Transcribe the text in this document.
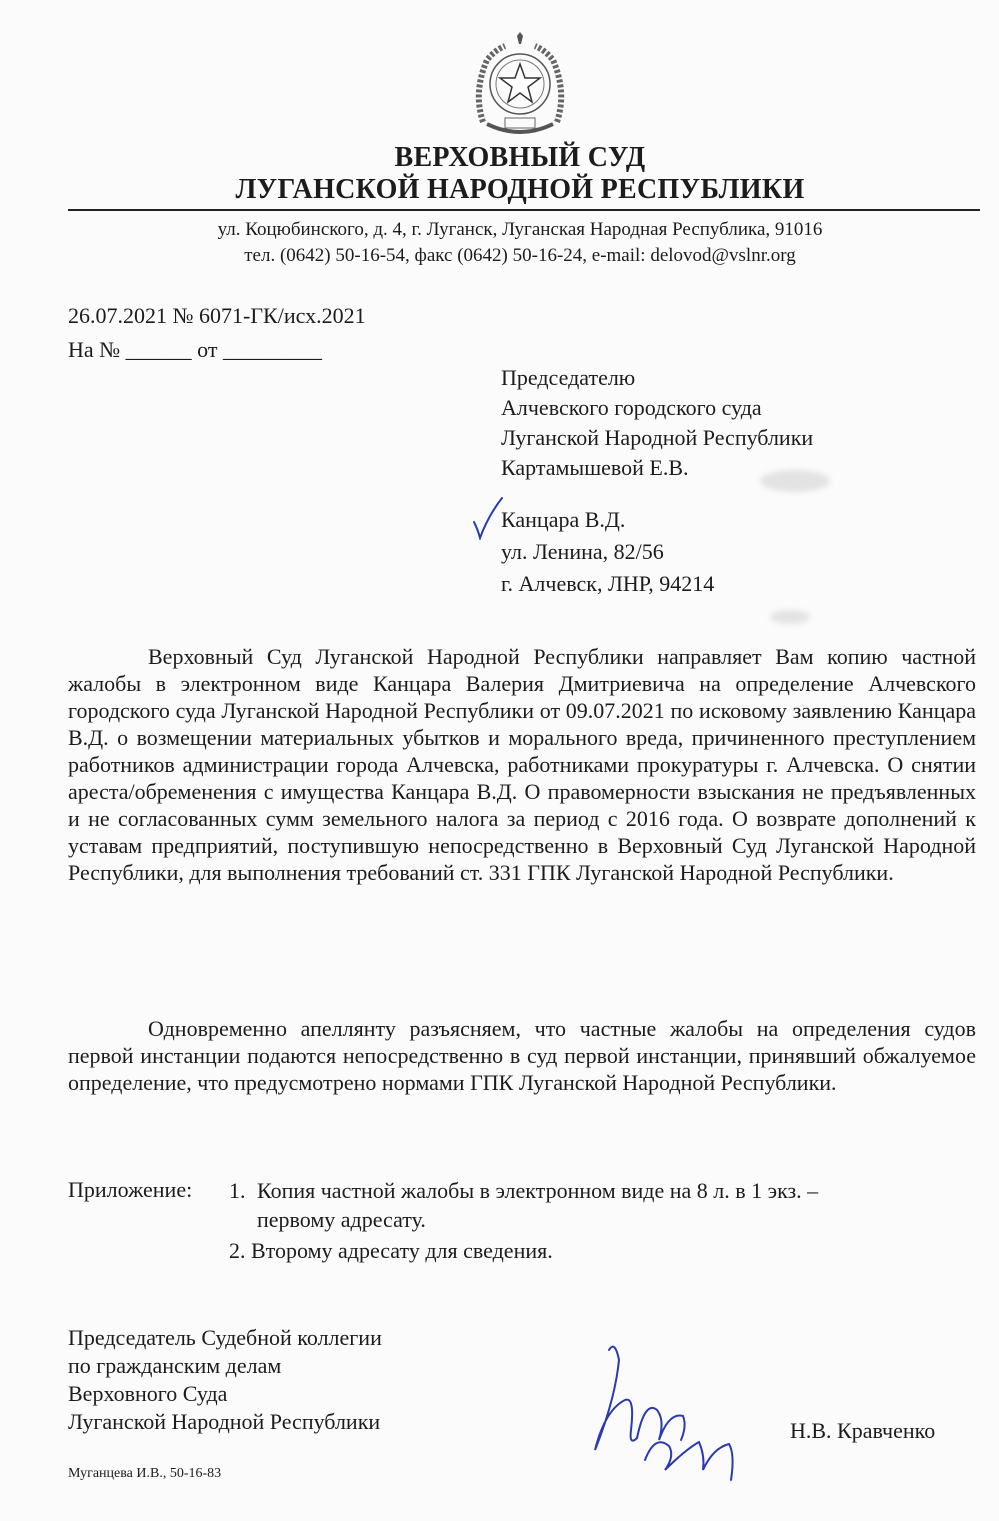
ВЕРХОВНЫЙ СУД
ЛУГАНСКОЙ НАРОДНОЙ РЕСПУБЛИКИ
ул. Коцюбинского, д. 4, г. Луганск, Луганская Народная Республика, 91016
тел. (0642) 50-16-54, факс (0642) 50-16-24, e-mail: delovod@vslnr.org
26.07.2021 № 6071-ГК/исх.2021
На № ______ от _________
Председателю
Алчевского городского суда
Луганской Народной Республики
Картамышевой Е.В.
Канцара В.Д.
ул. Ленина, 82/56
г. Алчевск, ЛНР, 94214
Верховный Суд Луганской Народной Республики направляет Вам копию частной жалобы в электронном виде Канцара Валерия Дмитриевича на определение Алчевского городского суда Луганской Народной Республики от 09.07.2021 по исковому заявлению Канцара В.Д. о возмещении материальных убытков и морального вреда, причиненного преступлением работников администрации города Алчевска, работниками прокуратуры г. Алчевска. О снятии ареста/обременения с имущества Канцара В.Д. О правомерности взыскания не предъявленных и не согласованных сумм земельного налога за период с 2016 года. О возврате дополнений к уставам предприятий, поступившую непосредственно в Верховный Суд Луганской Народной Республики, для выполнения требований ст. 331 ГПК Луганской Народной Республики.
Одновременно апеллянту разъясняем, что частные жалобы на определения судов первой инстанции подаются непосредственно в суд первой инстанции, принявший обжалуемое определение, что предусмотрено нормами ГПК Луганской Народной Республики.
Приложение: 1. Копия частной жалобы в электронном виде на 8 л. в 1 экз. –
первому адресату.
2. Второму адресату для сведения.
Председатель Судебной коллегии
по гражданским делам
Верховного Суда
Луганской Народной Республики	Н.В. Кравченко
Муганцева И.В., 50-16-83
